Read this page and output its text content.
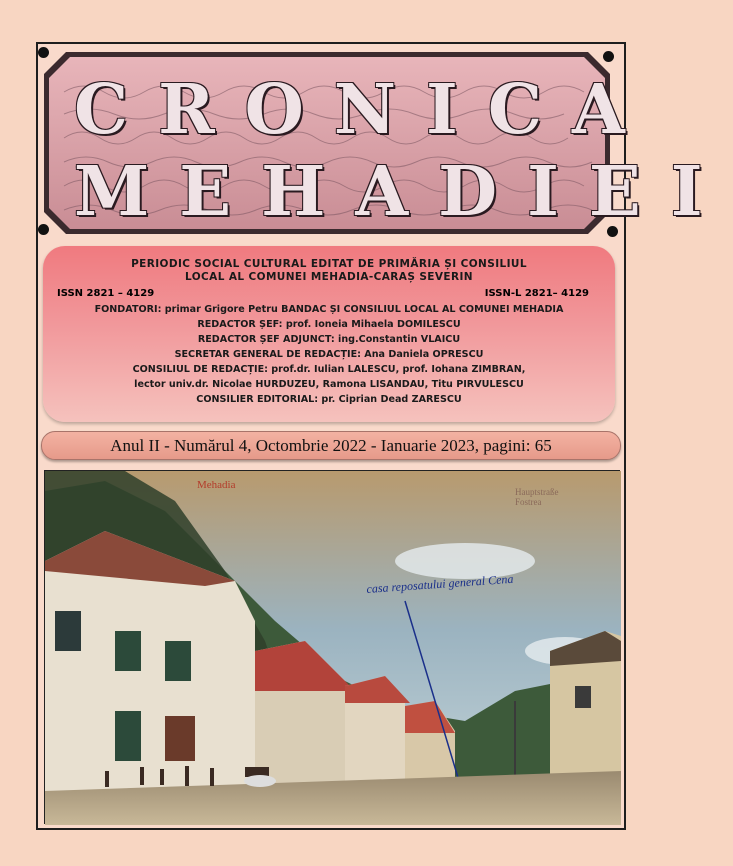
CRONICA
MEHADIEI

PERIODIC SOCIAL CULTURAL EDITAT DE PRIMĂRIA ȘI CONSILIUL

LOCAL AL COMUNEI MEHADIA-CARAȘ SEVERIN

ISSN 2821 – 4129	ISSN-L 2821– 4129

FONDATORI: primar Grigore Petru BANDAC ȘI CONSILIUL LOCAL AL COMUNEI MEHADIA

REDACTOR ȘEF: prof. Ioneia Mihaela DOMILESCU

REDACTOR ȘEF ADJUNCT: ing.Constantin VLAICU

SECRETAR GENERAL DE REDACȚIE: Ana Daniela OPRESCU

CONSILIUL DE REDACȚIE: prof.dr. Iulian LALESCU, prof. Iohana ZIMBRAN,

lector univ.dr. Nicolae HURDUZEU, Ramona LISANDAU, Titu PIRVULESCU

CONSILIER EDITORIAL: pr. Ciprian Dead ZARESCU

Anul II - Numărul 4, Octombrie 2022 - Ianuarie 2023, pagini: 65
Mehadia
Hauptstraße
Fostrea
casa reposatului general Cena
